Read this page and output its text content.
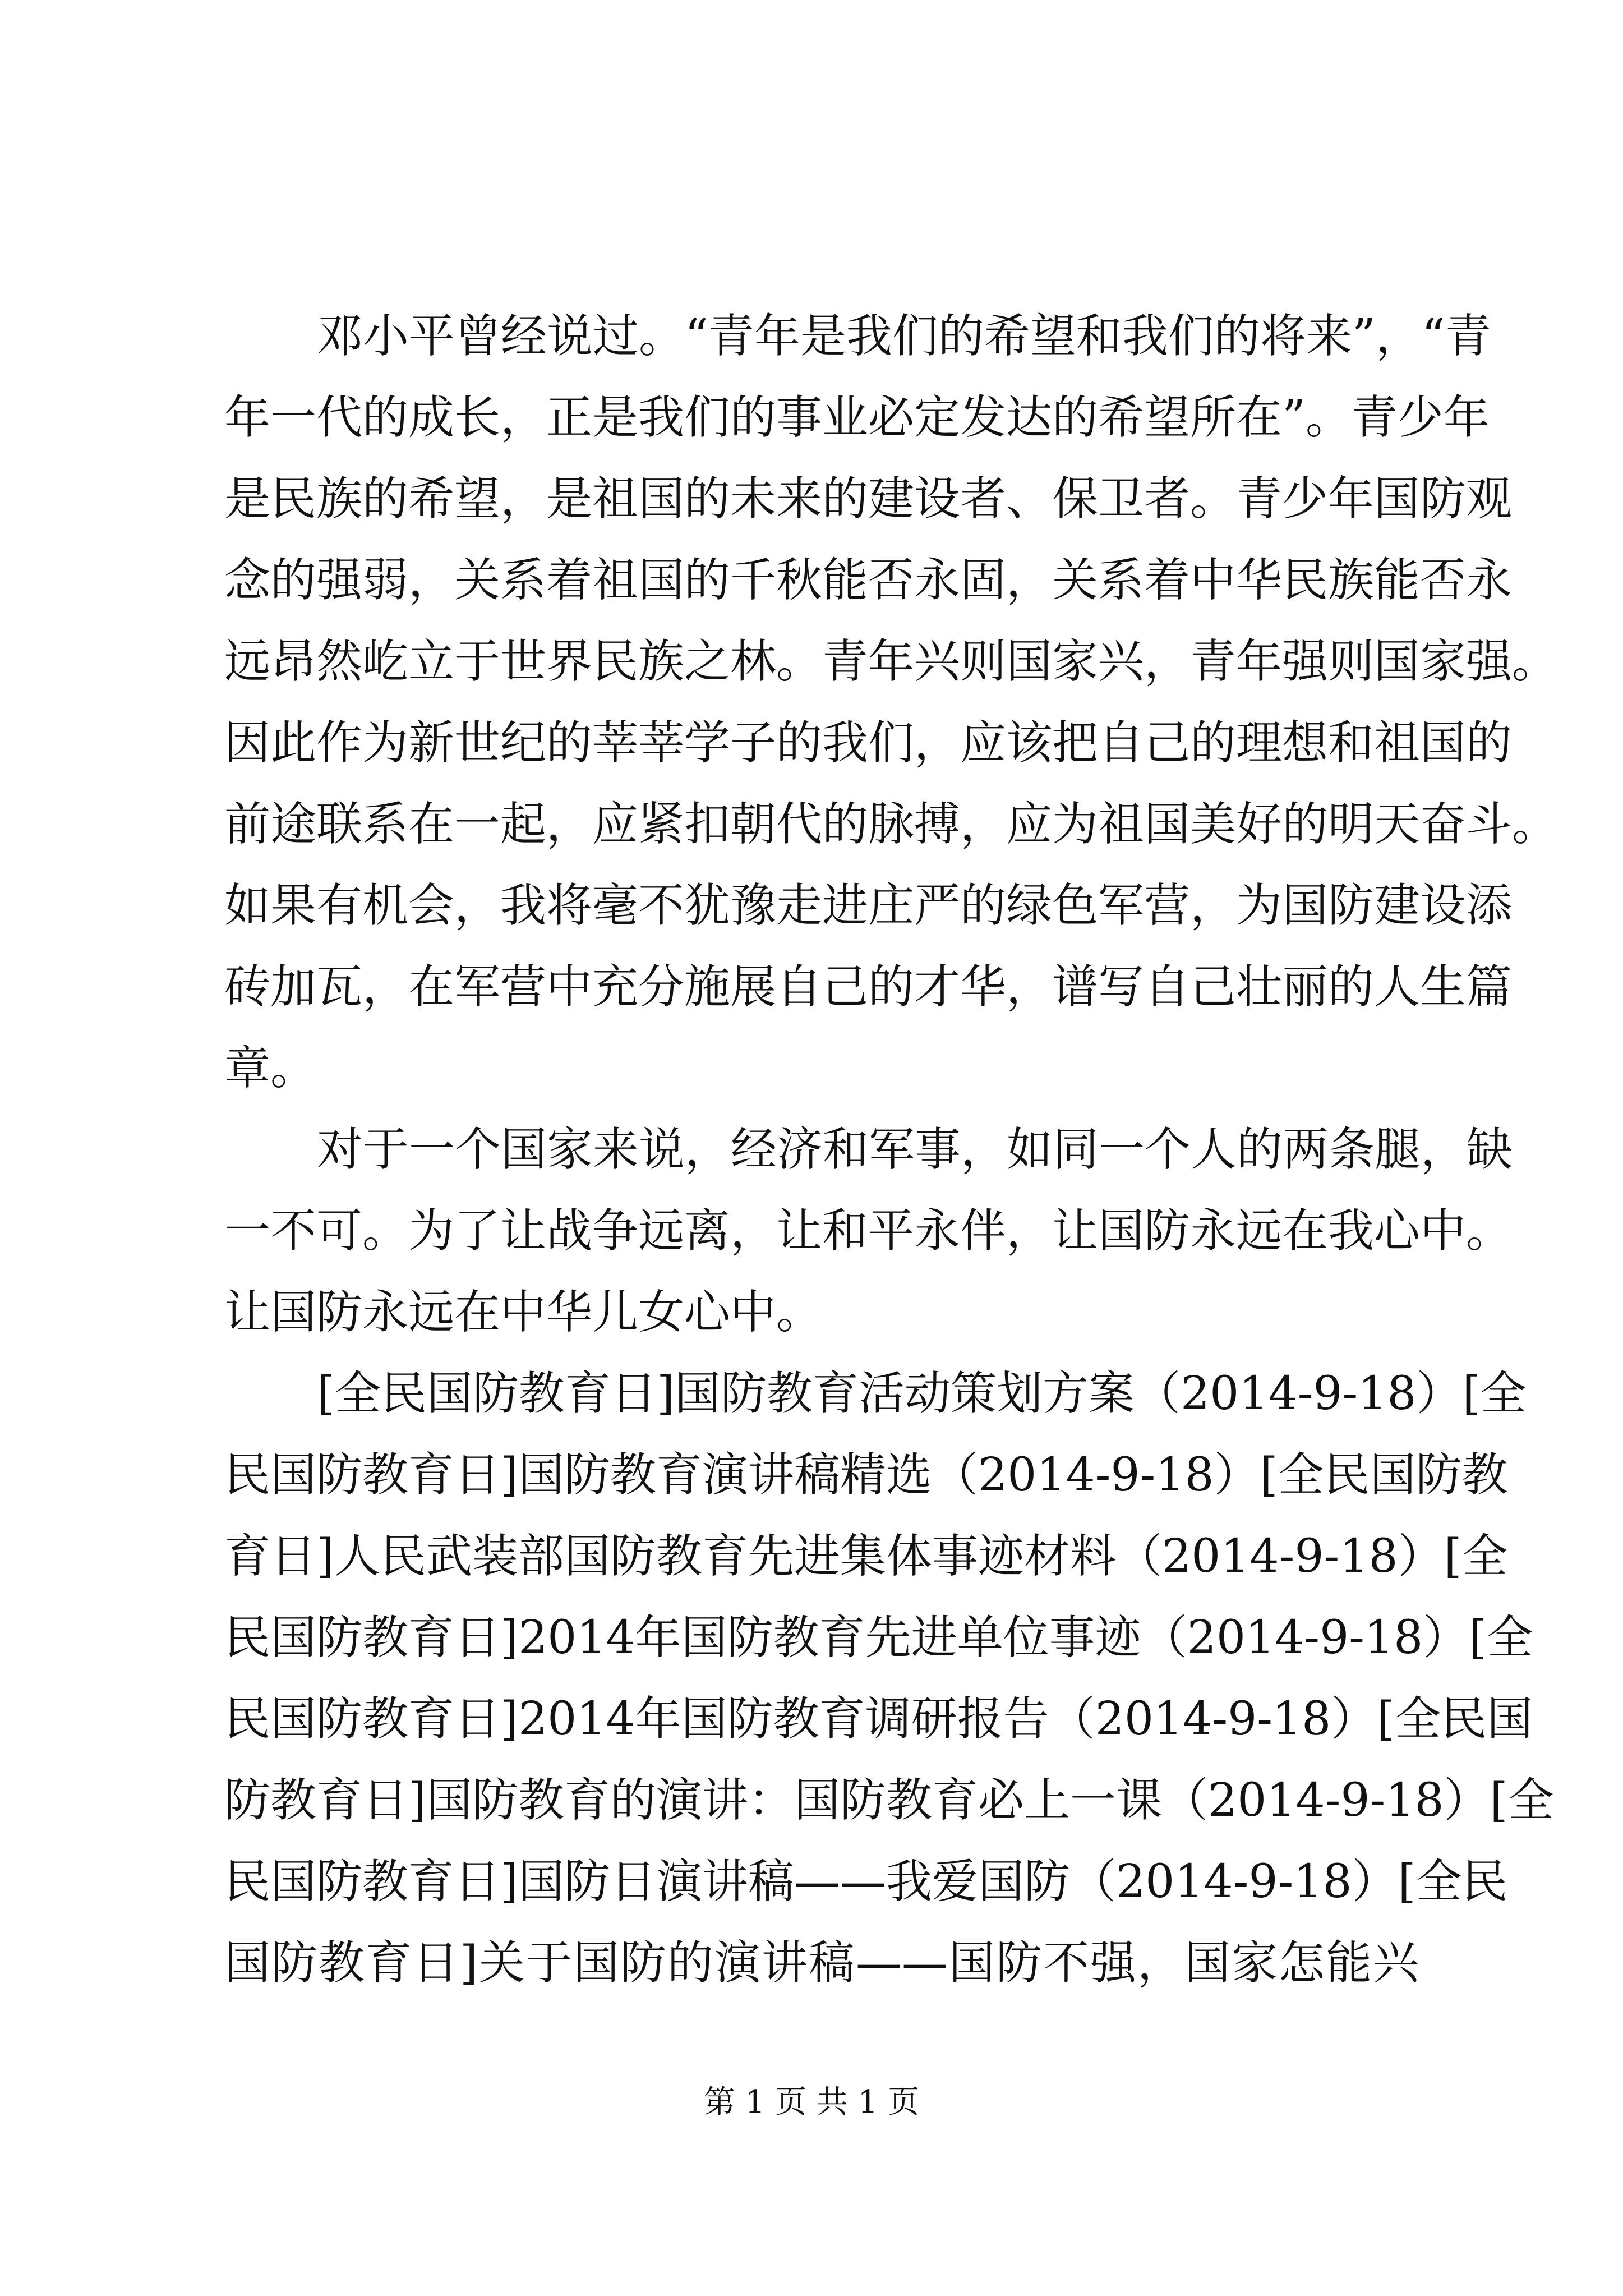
邓小平曾经说过。“青年是我们的希望和我们的将来”，“青
年一代的成长，正是我们的事业必定发达的希望所在”。青少年
是民族的希望，是祖国的未来的建设者、保卫者。青少年国防观
念的强弱，关系着祖国的千秋能否永固，关系着中华民族能否永
远昂然屹立于世界民族之林。青年兴则国家兴，青年强则国家强。
因此作为新世纪的莘莘学子的我们，应该把自己的理想和祖国的
前途联系在一起，应紧扣朝代的脉搏，应为祖国美好的明天奋斗。
如果有机会，我将毫不犹豫走进庄严的绿色军营，为国防建设添
砖加瓦，在军营中充分施展自己的才华，谱写自己壮丽的人生篇
章。
对于一个国家来说，经济和军事，如同一个人的两条腿，缺
一不可。为了让战争远离，让和平永伴，让国防永远在我心中。
让国防永远在中华儿女心中。
[全民国防教育日]国防教育活动策划方案（2014-9-18）[全
民国防教育日]国防教育演讲稿精选（2014-9-18）[全民国防教
育日]人民武装部国防教育先进集体事迹材料（2014-9-18）[全
民国防教育日]2014年国防教育先进单位事迹（2014-9-18）[全
民国防教育日]2014年国防教育调研报告（2014-9-18）[全民国
防教育日]国防教育的演讲：国防教育必上一课（2014-9-18）[全
民国防教育日]国防日演讲稿——我爱国防（2014-9-18）[全民
国防教育日]关于国防的演讲稿——国防不强，国家怎能兴
第 1 页 共 1 页
